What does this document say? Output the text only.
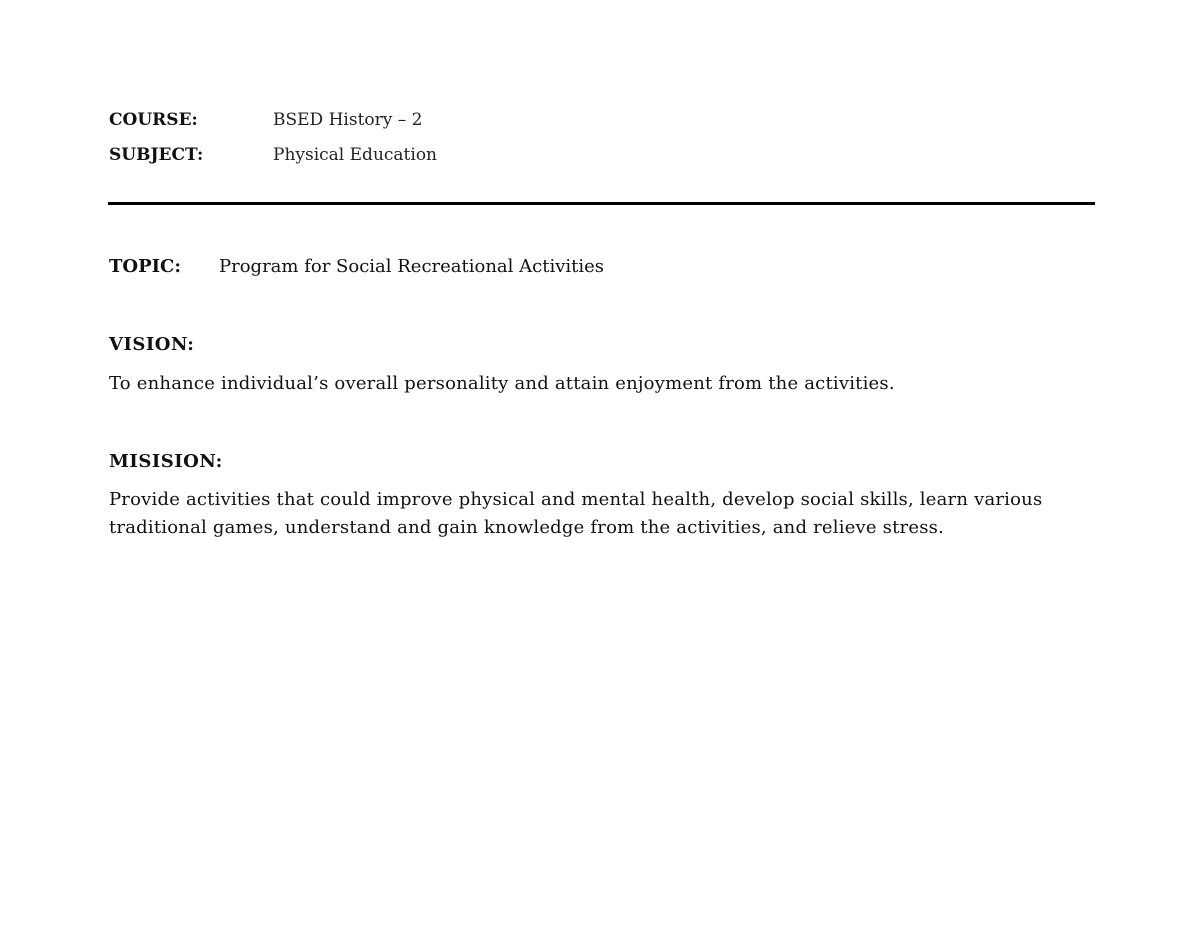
COURSE:	BSED History – 2
SUBJECT:	Physical Education
TOPIC: Program for Social Recreational Activities
VISION:
To enhance individual’s overall personality and attain enjoyment from the activities.
MISISION:
Provide activities that could improve physical and mental health, develop social skills, learn various traditional games, understand and gain knowledge from the activities, and relieve stress.
